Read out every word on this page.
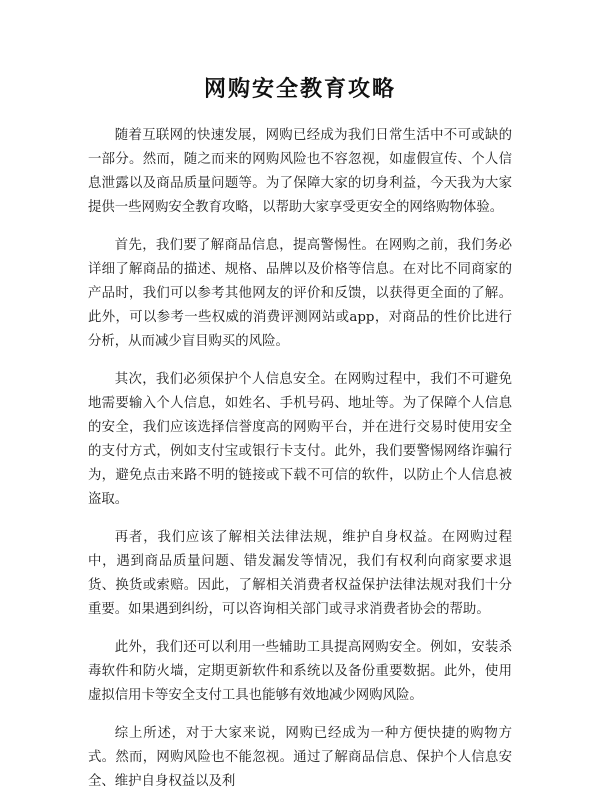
网购安全教育攻略

随着互联网的快速发展，网购已经成为我们日常生活中不可或缺的一部分。然而，随之而来的网购风险也不容忽视，如虚假宣传、个人信息泄露以及商品质量问题等。为了保障大家的切身利益，今天我为大家提供一些网购安全教育攻略，以帮助大家享受更安全的网络购物体验。

首先，我们要了解商品信息，提高警惕性。在网购之前，我们务必详细了解商品的描述、规格、品牌以及价格等信息。在对比不同商家的产品时，我们可以参考其他网友的评价和反馈，以获得更全面的了解。此外，可以参考一些权威的消费评测网站或app，对商品的性价比进行分析，从而减少盲目购买的风险。

其次，我们必须保护个人信息安全。在网购过程中，我们不可避免地需要输入个人信息，如姓名、手机号码、地址等。为了保障个人信息的安全，我们应该选择信誉度高的网购平台，并在进行交易时使用安全的支付方式，例如支付宝或银行卡支付。此外，我们要警惕网络诈骗行为，避免点击来路不明的链接或下载不可信的软件，以防止个人信息被盗取。

再者，我们应该了解相关法律法规，维护自身权益。在网购过程中，遇到商品质量问题、错发漏发等情况，我们有权利向商家要求退货、换货或索赔。因此，了解相关消费者权益保护法律法规对我们十分重要。如果遇到纠纷，可以咨询相关部门或寻求消费者协会的帮助。

此外，我们还可以利用一些辅助工具提高网购安全。例如，安装杀毒软件和防火墙，定期更新软件和系统以及备份重要数据。此外，使用虚拟信用卡等安全支付工具也能够有效地减少网购风险。

综上所述，对于大家来说，网购已经成为一种方便快捷的购物方式。然而，网购风险也不能忽视。通过了解商品信息、保护个人信息安全、维护自身权益以及利
